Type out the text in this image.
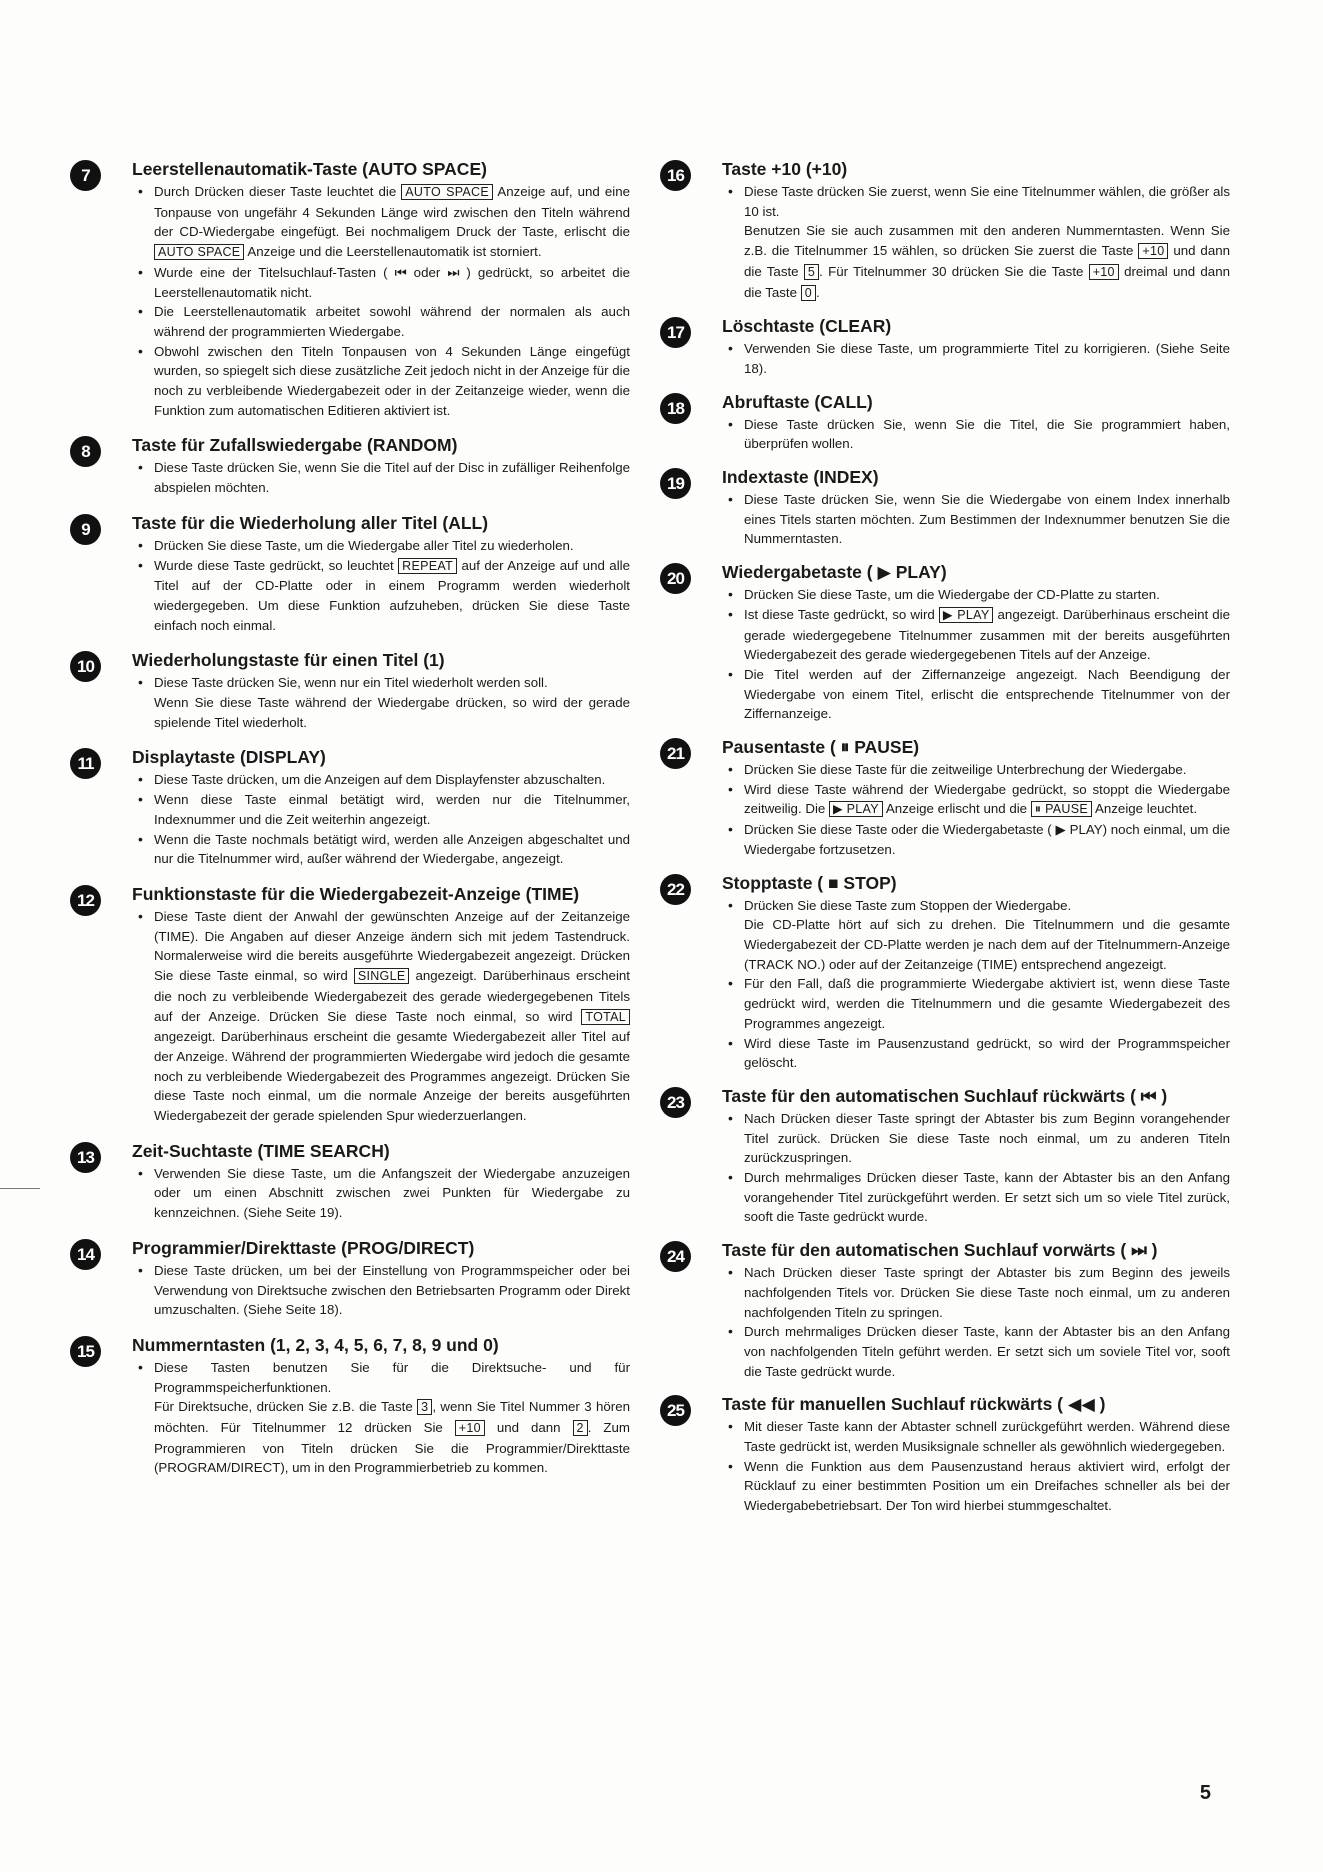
7	Leerstellenautomatik-Taste (AUTO SPACE)
• Durch Drücken dieser Taste leuchtet die AUTO SPACE Anzeige auf, und eine Tonpause von ungefähr 4 Sekunden Länge wird zwischen den Titeln während der CD-Wiedergabe eingefügt. Bei nochmaligem Druck der Taste, erlischt die AUTO SPACE Anzeige und die Leerstellenautomatik ist storniert.
• Wurde eine der Titelsuchlauf-Tasten ( ⏮ oder ⏭ ) gedrückt, so arbeitet die Leerstellenautomatik nicht.
• Die Leerstellenautomatik arbeitet sowohl während der normalen als auch während der programmierten Wiedergabe.
• Obwohl zwischen den Titeln Tonpausen von 4 Sekunden Länge eingefügt wurden, so spiegelt sich diese zusätzliche Zeit jedoch nicht in der Anzeige für die noch zu verbleibende Wiedergabezeit oder in der Zeitanzeige wieder, wenn die Funktion zum automatischen Editieren aktiviert ist.
8	Taste für Zufallswiedergabe (RANDOM)
• Diese Taste drücken Sie, wenn Sie die Titel auf der Disc in zufälliger Reihenfolge abspielen möchten.
9	Taste für die Wiederholung aller Titel (ALL)
• Drücken Sie diese Taste, um die Wiedergabe aller Titel zu wiederholen.
• Wurde diese Taste gedrückt, so leuchtet REPEAT auf der Anzeige auf und alle Titel auf der CD-Platte oder in einem Programm werden wiederholt wiedergegeben. Um diese Funktion aufzuheben, drücken Sie diese Taste einfach noch einmal.
10	Wiederholungstaste für einen Titel (1)
• Diese Taste drücken Sie, wenn nur ein Titel wiederholt werden soll.
Wenn Sie diese Taste während der Wiedergabe drücken, so wird der gerade spielende Titel wiederholt.
11	Displaytaste (DISPLAY)
• Diese Taste drücken, um die Anzeigen auf dem Displayfenster abzuschalten.
• Wenn diese Taste einmal betätigt wird, werden nur die Titelnummer, Indexnummer und die Zeit weiterhin angezeigt.
• Wenn die Taste nochmals betätigt wird, werden alle Anzeigen abgeschaltet und nur die Titelnummer wird, außer während der Wiedergabe, angezeigt.
12	Funktionstaste für die Wiedergabezeit-Anzeige (TIME)
• Diese Taste dient der Anwahl der gewünschten Anzeige auf der Zeitanzeige (TIME). Die Angaben auf dieser Anzeige ändern sich mit jedem Tastendruck. Normalerweise wird die bereits ausgeführte Wiedergabezeit angezeigt. Drücken Sie diese Taste einmal, so wird SINGLE angezeigt. Darüberhinaus erscheint die noch zu verbleibende Wiedergabezeit des gerade wiedergegebenen Titels auf der Anzeige. Drücken Sie diese Taste noch einmal, so wird TOTAL angezeigt. Darüberhinaus erscheint die gesamte Wiedergabezeit aller Titel auf der Anzeige. Während der programmierten Wiedergabe wird jedoch die gesamte noch zu verbleibende Wiedergabezeit des Programmes angezeigt. Drücken Sie diese Taste noch einmal, um die normale Anzeige der bereits ausgeführten Wiedergabezeit der gerade spielenden Spur wiederzuerlangen.
13	Zeit-Suchtaste (TIME SEARCH)
• Verwenden Sie diese Taste, um die Anfangszeit der Wiedergabe anzuzeigen oder um einen Abschnitt zwischen zwei Punkten für Wiedergabe zu kennzeichnen. (Siehe Seite 19).
14	Programmier/Direkttaste (PROG/DIRECT)
• Diese Taste drücken, um bei der Einstellung von Programmspeicher oder bei Verwendung von Direktsuche zwischen den Betriebsarten Programm oder Direkt umzuschalten. (Siehe Seite 18).
15	Nummerntasten (1, 2, 3, 4, 5, 6, 7, 8, 9 und 0)
• Diese Tasten benutzen Sie für die Direktsuche- und für Programmspeicherfunktionen.
Für Direktsuche, drücken Sie z.B. die Taste 3 , wenn Sie Titel Nummer 3 hören möchten. Für Titelnummer 12 drücken Sie +10 und dann 2 . Zum Programmieren von Titeln drücken Sie die Programmier/Direkttaste (PROGRAM/DIRECT), um in den Programmierbetrieb zu kommen.
16	Taste +10 (+10)
• Diese Taste drücken Sie zuerst, wenn Sie eine Titelnummer wählen, die größer als 10 ist.
Benutzen Sie sie auch zusammen mit den anderen Nummerntasten. Wenn Sie z.B. die Titelnummer 15 wählen, so drücken Sie zuerst die Taste +10 und dann die Taste 5 . Für Titelnummer 30 drücken Sie die Taste +10 dreimal und dann die Taste 0 .
17	Löschtaste (CLEAR)
• Verwenden Sie diese Taste, um programmierte Titel zu korrigieren. (Siehe Seite 18).
18	Abruftaste (CALL)
• Diese Taste drücken Sie, wenn Sie die Titel, die Sie programmiert haben, überprüfen wollen.
19	Indextaste (INDEX)
• Diese Taste drücken Sie, wenn Sie die Wiedergabe von einem Index innerhalb eines Titels starten möchten. Zum Bestimmen der Indexnummer benutzen Sie die Nummerntasten.
20	Wiedergabetaste ( ▶ PLAY)
• Drücken Sie diese Taste, um die Wiedergabe der CD-Platte zu starten.
• Ist diese Taste gedrückt, so wird ▶ PLAY angezeigt. Darüberhinaus erscheint die gerade wiedergegebene Titelnummer zusammen mit der bereits ausgeführten Wiedergabezeit des gerade wiedergegebenen Titels auf der Anzeige.
• Die Titel werden auf der Ziffernanzeige angezeigt. Nach Beendigung der Wiedergabe von einem Titel, erlischt die entsprechende Titelnummer von der Ziffernanzeige.
21	Pausentaste ( ⏸ PAUSE)
• Drücken Sie diese Taste für die zeitweilige Unterbrechung der Wiedergabe.
• Wird diese Taste während der Wiedergabe gedrückt, so stoppt die Wiedergabe zeitweilig. Die ▶ PLAY Anzeige erlischt und die ⏸ PAUSE Anzeige leuchtet.
• Drücken Sie diese Taste oder die Wiedergabetaste ( ▶ PLAY) noch einmal, um die Wiedergabe fortzusetzen.
22	Stopptaste ( ■ STOP)
• Drücken Sie diese Taste zum Stoppen der Wiedergabe.
Die CD-Platte hört auf sich zu drehen. Die Titelnummern und die gesamte Wiedergabezeit der CD-Platte werden je nach dem auf der Titelnummern-Anzeige (TRACK NO.) oder auf der Zeitanzeige (TIME) entsprechend angezeigt.
• Für den Fall, daß die programmierte Wiedergabe aktiviert ist, wenn diese Taste gedrückt wird, werden die Titelnummern und die gesamte Wiedergabezeit des Programmes angezeigt.
• Wird diese Taste im Pausenzustand gedrückt, so wird der Programmspeicher gelöscht.
23	Taste für den automatischen Suchlauf rückwärts ( ⏮ )
• Nach Drücken dieser Taste springt der Abtaster bis zum Beginn vorangehender Titel zurück. Drücken Sie diese Taste noch einmal, um zu anderen Titeln zurückzuspringen.
• Durch mehrmaliges Drücken dieser Taste, kann der Abtaster bis an den Anfang vorangehender Titel zurückgeführt werden. Er setzt sich um so viele Titel zurück, sooft die Taste gedrückt wurde.
24	Taste für den automatischen Suchlauf vorwärts ( ⏭ )
• Nach Drücken dieser Taste springt der Abtaster bis zum Beginn des jeweils nachfolgenden Titels vor. Drücken Sie diese Taste noch einmal, um zu anderen nachfolgenden Titeln zu springen.
• Durch mehrmaliges Drücken dieser Taste, kann der Abtaster bis an den Anfang von nachfolgenden Titeln geführt werden. Er setzt sich um soviele Titel vor, sooft die Taste gedrückt wurde.
25	Taste für manuellen Suchlauf rückwärts ( ◀◀ )
• Mit dieser Taste kann der Abtaster schnell zurückgeführt werden. Während diese Taste gedrückt ist, werden Musiksignale schneller als gewöhnlich wiedergegeben.
• Wenn die Funktion aus dem Pausenzustand heraus aktiviert wird, erfolgt der Rücklauf zu einer bestimmten Position um ein Dreifaches schneller als bei der Wiedergabebetriebsart. Der Ton wird hierbei stummgeschaltet.
5
